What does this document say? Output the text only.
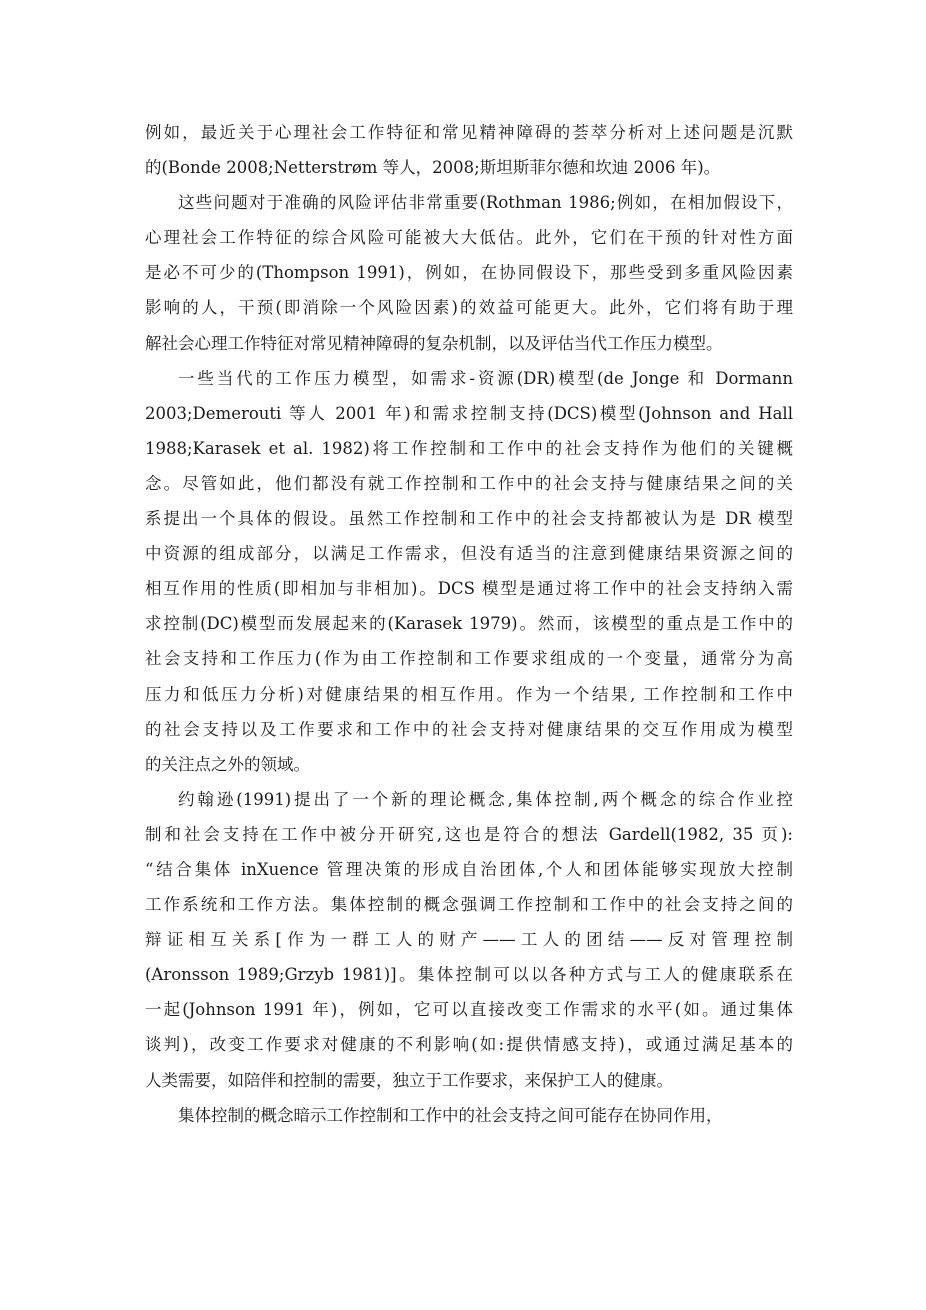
例如，最近关于心理社会工作特征和常见精神障碍的荟萃分析对上述问题是沉默
的(Bonde 2008;Netterstrøm 等人，2008;斯坦斯菲尔德和坎迪 2006 年)。
这些问题对于准确的风险评估非常重要(Rothman 1986;例如，在相加假设下，
心理社会工作特征的综合风险可能被大大低估。此外，它们在干预的针对性方面
是必不可少的(Thompson 1991)，例如，在协同假设下，那些受到多重风险因素
影响的人，干预(即消除一个风险因素)的效益可能更大。此外，它们将有助于理
解社会心理工作特征对常见精神障碍的复杂机制，以及评估当代工作压力模型。
一些当代的工作压力模型，如需求-资源(DR)模型(de Jonge 和 Dormann
2003;Demerouti 等人 2001 年)和需求控制支持(DCS)模型(Johnson and Hall
1988;Karasek et al. 1982)将工作控制和工作中的社会支持作为他们的关键概
念。尽管如此，他们都没有就工作控制和工作中的社会支持与健康结果之间的关
系提出一个具体的假设。虽然工作控制和工作中的社会支持都被认为是 DR 模型
中资源的组成部分，以满足工作需求，但没有适当的注意到健康结果资源之间的
相互作用的性质(即相加与非相加)。DCS 模型是通过将工作中的社会支持纳入需
求控制(DC)模型而发展起来的(Karasek 1979)。然而，该模型的重点是工作中的
社会支持和工作压力(作为由工作控制和工作要求组成的一个变量，通常分为高
压力和低压力分析)对健康结果的相互作用。作为一个结果, 工作控制和工作中
的社会支持以及工作要求和工作中的社会支持对健康结果的交互作用成为模型
的关注点之外的领域。
约翰逊(1991)提出了一个新的理论概念,集体控制,两个概念的综合作业控
制和社会支持在工作中被分开研究,这也是符合的想法 Gardell(1982, 35 页):
“结合集体 inXuence 管理决策的形成自治团体,个人和团体能够实现放大控制
工作系统和工作方法。集体控制的概念强调工作控制和工作中的社会支持之间的
辩证相互关系[作为一群工人的财产——工人的团结——反对管理控制
(Aronsson 1989;Grzyb 1981)]。集体控制可以以各种方式与工人的健康联系在
一起(Johnson 1991 年)，例如，它可以直接改变工作需求的水平(如。通过集体
谈判)，改变工作要求对健康的不利影响(如:提供情感支持)，或通过满足基本的
人类需要，如陪伴和控制的需要，独立于工作要求，来保护工人的健康。
集体控制的概念暗示工作控制和工作中的社会支持之间可能存在协同作用，
